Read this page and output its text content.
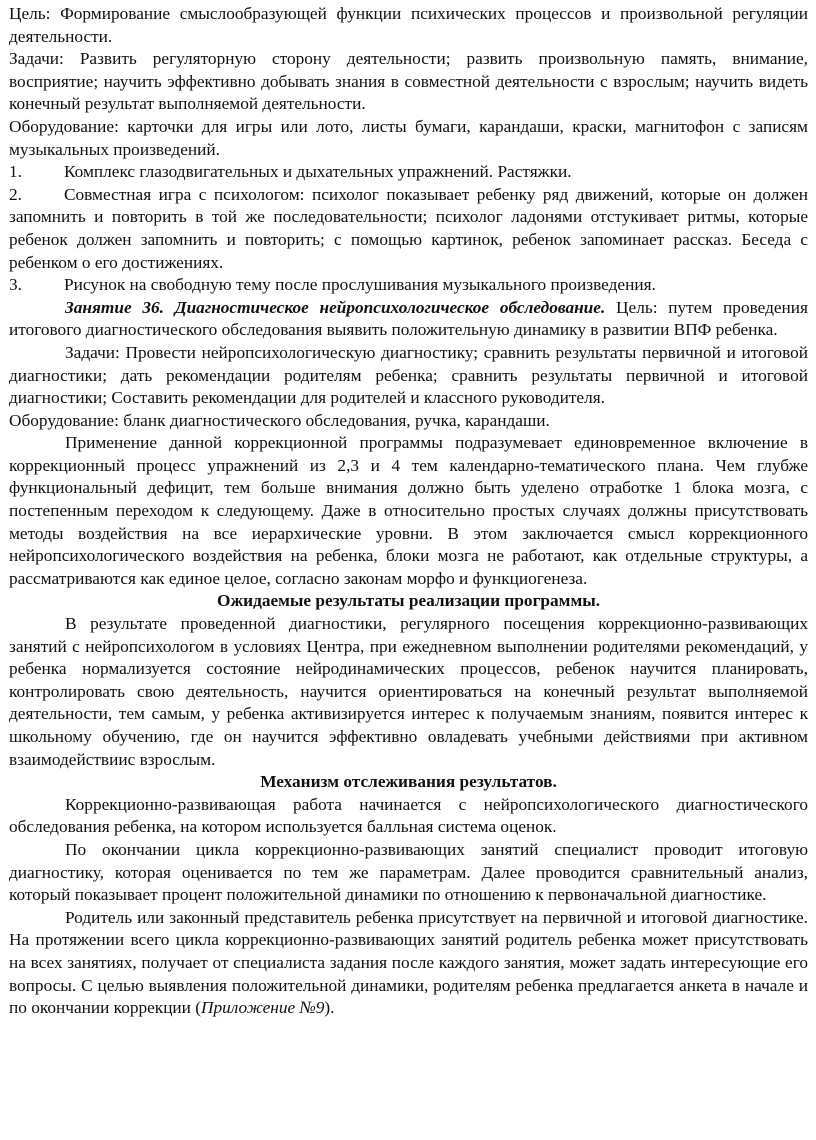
Цель: Формирование смыслообразующей функции психических процессов и произвольной регуляции деятельности.

Задачи: Развить регуляторную сторону деятельности; развить произвольную память, внимание, восприятие; научить эффективно добывать знания в совместной деятельности с взрослым; научить видеть конечный результат выполняемой деятельности.

Оборудование: карточки для игры или лото, листы бумаги, карандаши, краски, магнитофон с записям музыкальных произведений.

1.	Комплекс глазодвигательных и дыхательных упражнений. Растяжки.

2. Совместная игра с психологом: психолог показывает ребенку ряд движений, которые он должен запомнить и повторить в той же последовательности; психолог ладонями отстукивает ритмы, которые ребенок должен запомнить и повторить; с помощью картинок, ребенок запоминает рассказ. Беседа с ребенком о его достижениях.

3.	Рисунок на свободную тему после прослушивания музыкального произведения.

Занятие 36. Диагностическое нейропсихологическое обследование. Цель: путем проведения итогового диагностического обследования выявить положительную динамику в развитии ВПФ ребенка.

Задачи: Провести нейропсихологическую диагностику; сравнить результаты первичной и итоговой диагностики; дать рекомендации родителям ребенка; сравнить результаты первичной и итоговой диагностики; Составить рекомендации для родителей и классного руководителя.

Оборудование: бланк диагностического обследования, ручка, карандаши.

Применение данной коррекционной программы подразумевает единовременное включение в коррекционный процесс упражнений из 2,3 и 4 тем календарно-тематического плана. Чем глубже функциональный дефицит, тем больше внимания должно быть уделено отработке 1 блока мозга, с постепенным переходом к следующему. Даже в относительно простых случаях должны присутствовать методы воздействия на все иерархические уровни. В этом заключается смысл коррекционного нейропсихологического воздействия на ребенка, блоки мозга не работают, как отдельные структуры, а рассматриваются как единое целое, согласно законам морфо и функциогенеза.

Ожидаемые результаты реализации программы.

В результате проведенной диагностики, регулярного посещения коррекционно-развивающих занятий с нейропсихологом в условиях Центра, при ежедневном выполнении родителями рекомендаций, у ребенка нормализуется состояние нейродинамических процессов, ребенок научится планировать, контролировать свою деятельность, научится ориентироваться на конечный результат выполняемой деятельности, тем самым, у ребенка активизируется интерес к получаемым знаниям, появится интерес к школьному обучению, где он научится эффективно овладевать учебными действиями при активном взаимодействиис взрослым.

Механизм отслеживания результатов.

Коррекционно-развивающая работа начинается с нейропсихологического диагностического обследования ребенка, на котором используется балльная система оценок.

По окончании цикла коррекционно-развивающих занятий специалист проводит итоговую диагностику, которая оценивается по тем же параметрам. Далее проводится сравнительный анализ, который показывает процент положительной динамики по отношению к первоначальной диагностике.

Родитель или законный представитель ребенка присутствует на первичной и итоговой диагностике. На протяжении всего цикла коррекционно-развивающих занятий родитель ребенка может присутствовать на всех занятиях, получает от специалиста задания после каждого занятия, может задать интересующие его вопросы. С целью выявления положительной динамики, родителям ребенка предлагается анкета в начале и по окончании коррекции (Приложение №9).
